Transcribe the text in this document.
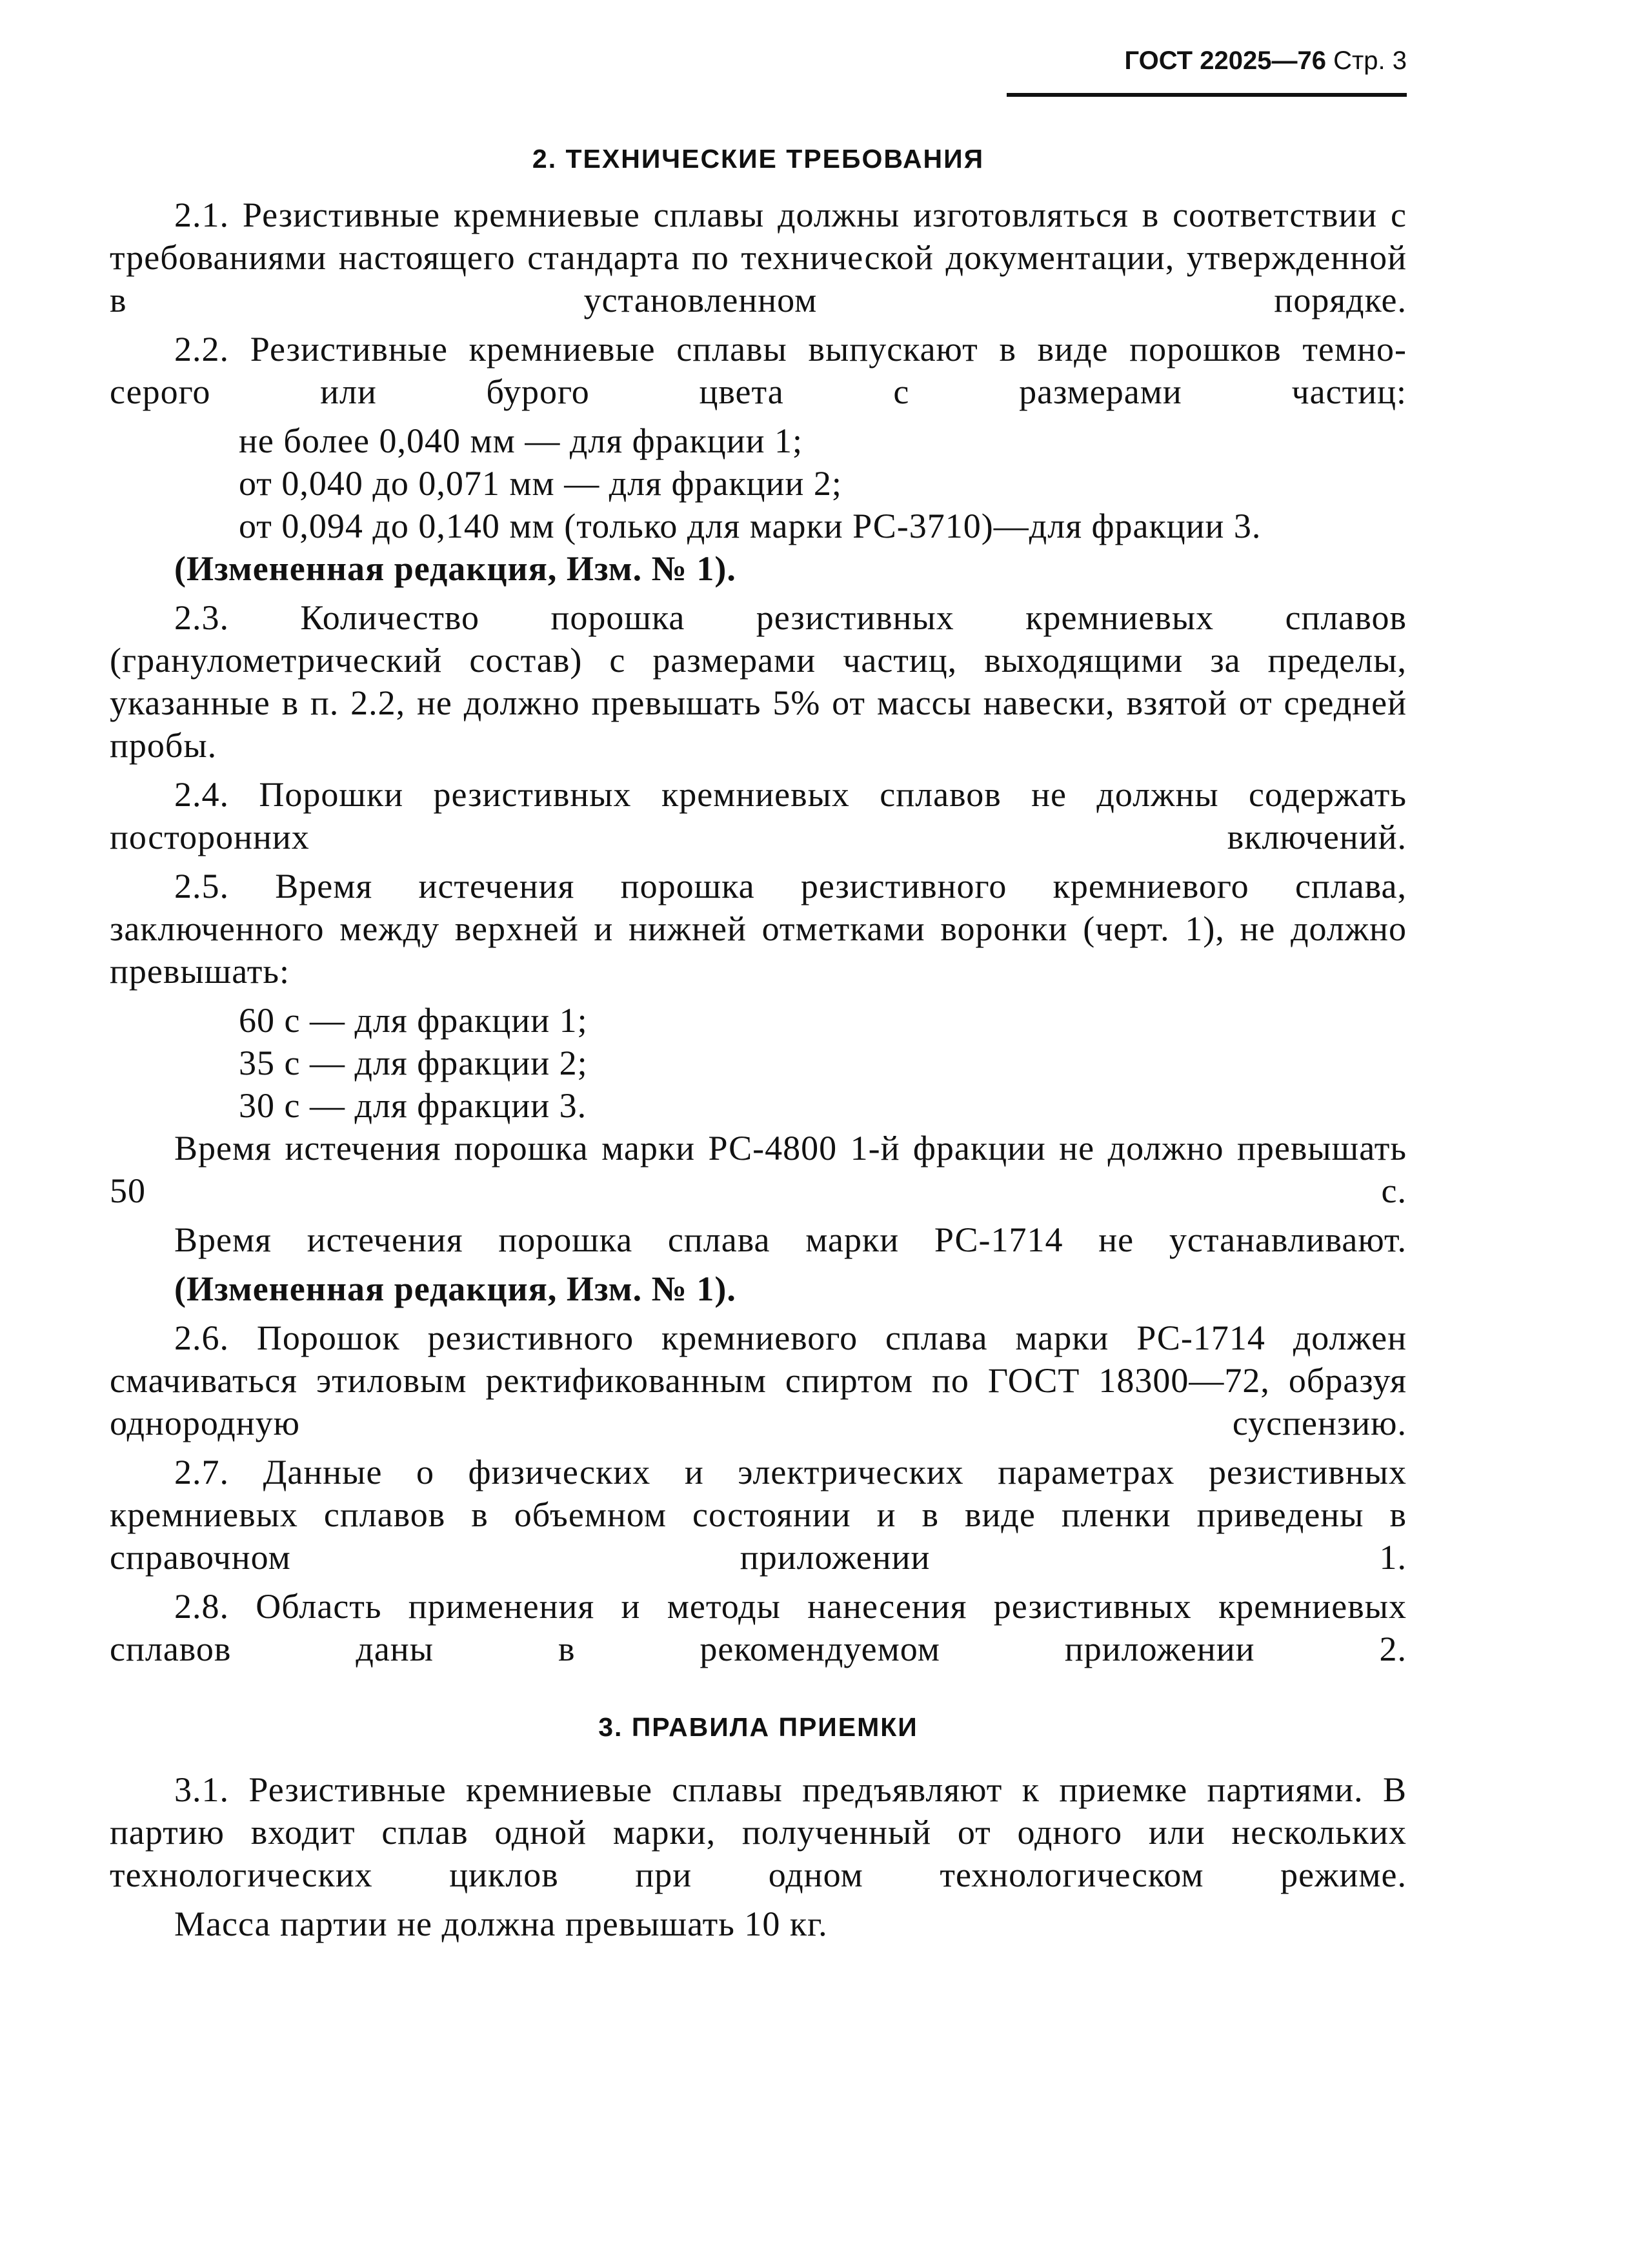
ГОСТ 22025—76 Стр. 3
2. ТЕХНИЧЕСКИЕ ТРЕБОВАНИЯ

2.1. Резистивные кремниевые сплавы должны изготовляться в соответствии с требованиями настоящего стандарта по технической документации, утвержденной в установленном порядке.

2.2. Резистивные кремниевые сплавы выпускают в виде порошков темно-серого или бурого цвета с размерами частиц:

не более 0,040 мм — для фракции 1;

от 0,040 до 0,071 мм — для фракции 2;

от 0,094 до 0,140 мм (только для марки РС-3710)—для фракции 3.

(Измененная редакция, Изм. № 1).

2.3. Количество порошка резистивных кремниевых сплавов (гранулометрический состав) с размерами частиц, выходящими за пределы, указанные в п. 2.2, не должно превышать 5% от массы навески, взятой от средней пробы.

2.4. Порошки резистивных кремниевых сплавов не должны содержать посторонних включений.

2.5. Время истечения порошка резистивного кремниевого сплава, заключенного между верхней и нижней отметками воронки (черт. 1), не должно превышать:

60 с — для фракции 1;

35 с — для фракции 2;

30 с — для фракции 3.

Время истечения порошка марки РС-4800 1-й фракции не должно превышать 50 с.

Время истечения порошка сплава марки РС-1714 не устанавливают.

(Измененная редакция, Изм. № 1).

2.6. Порошок резистивного кремниевого сплава марки РС-1714 должен смачиваться этиловым ректификованным спиртом по ГОСТ 18300—72, образуя однородную суспензию.

2.7. Данные о физических и электрических параметрах резистивных кремниевых сплавов в объемном состоянии и в виде пленки приведены в справочном приложении 1.

2.8. Область применения и методы нанесения резистивных кремниевых сплавов даны в рекомендуемом приложении 2.

3. ПРАВИЛА ПРИЕМКИ

3.1. Резистивные кремниевые сплавы предъявляют к приемке партиями. В партию входит сплав одной марки, полученный от одного или нескольких технологических циклов при одном технологическом режиме.

Масса партии не должна превышать 10 кг.
